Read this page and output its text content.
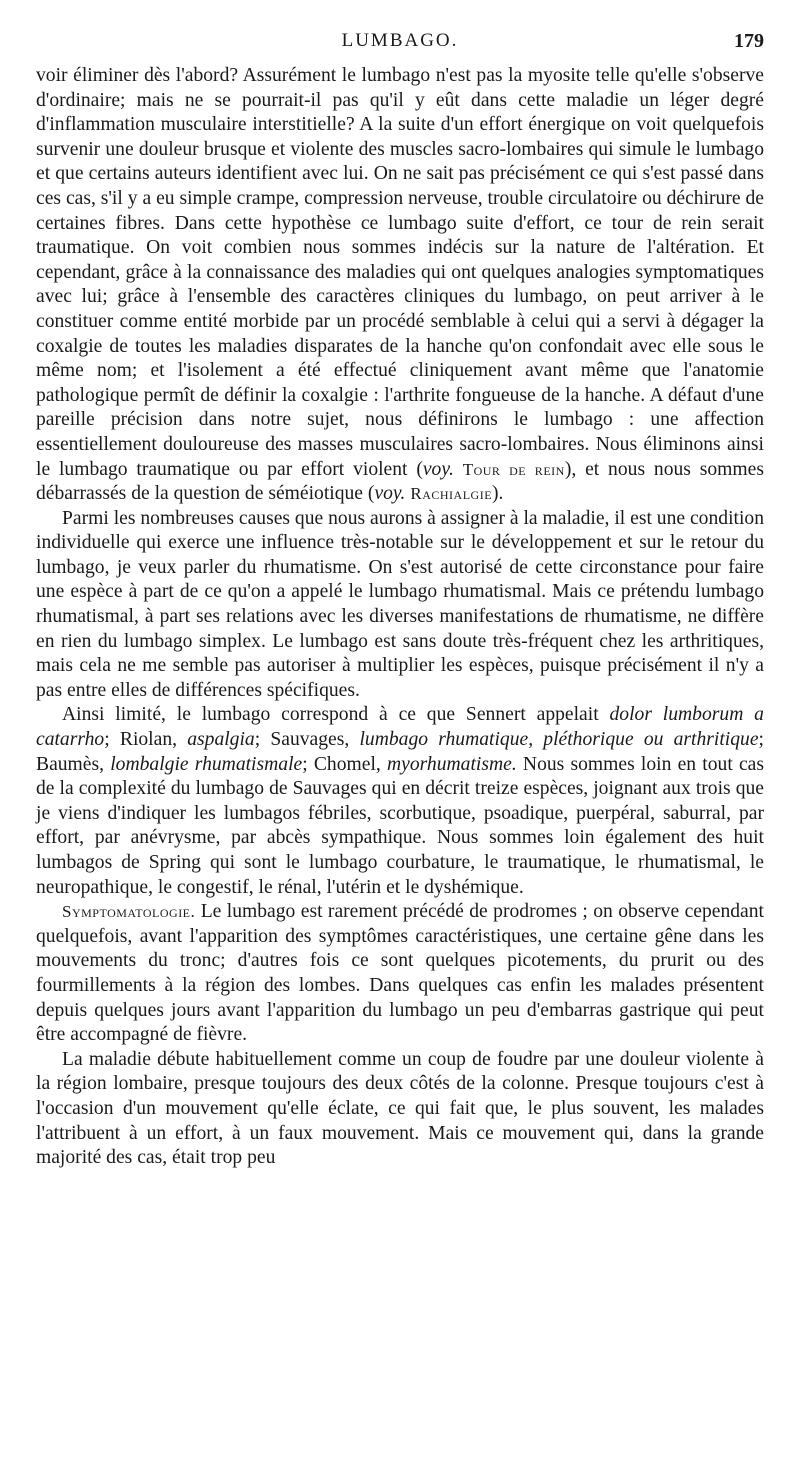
LUMBAGO.	179

voir éliminer dès l'abord? Assurément le lumbago n'est pas la myosite telle qu'elle s'observe d'ordinaire; mais ne se pourrait-il pas qu'il y eût dans cette maladie un léger degré d'inflammation musculaire interstitielle? A la suite d'un effort énergique on voit quelquefois survenir une douleur brusque et violente des muscles sacro-lombaires qui simule le lumbago et que certains auteurs identifient avec lui. On ne sait pas précisément ce qui s'est passé dans ces cas, s'il y a eu simple crampe, compression nerveuse, trouble circulatoire ou déchirure de certaines fibres. Dans cette hypothèse ce lumbago suite d'effort, ce tour de rein serait traumatique. On voit combien nous sommes indécis sur la nature de l'altération. Et cependant, grâce à la connaissance des maladies qui ont quelques analogies symptomatiques avec lui; grâce à l'ensemble des caractères cliniques du lumbago, on peut arriver à le constituer comme entité morbide par un procédé semblable à celui qui a servi à dégager la coxalgie de toutes les maladies disparates de la hanche qu'on confondait avec elle sous le même nom; et l'isolement a été effectué cliniquement avant même que l'anatomie pathologique permît de définir la coxalgie : l'arthrite fongueuse de la hanche. A défaut d'une pareille précision dans notre sujet, nous définirons le lumbago : une affection essentiellement douloureuse des masses musculaires sacro-lombaires. Nous éliminons ainsi le lumbago traumatique ou par effort violent (voy. Tour de rein), et nous nous sommes débarrassés de la question de séméiotique (voy. Rachialgie).

Parmi les nombreuses causes que nous aurons à assigner à la maladie, il est une condition individuelle qui exerce une influence très-notable sur le développement et sur le retour du lumbago, je veux parler du rhumatisme. On s'est autorisé de cette circonstance pour faire une espèce à part de ce qu'on a appelé le lumbago rhumatismal. Mais ce prétendu lumbago rhumatismal, à part ses relations avec les diverses manifestations de rhumatisme, ne diffère en rien du lumbago simplex. Le lumbago est sans doute très-fréquent chez les arthritiques, mais cela ne me semble pas autoriser à multiplier les espèces, puisque précisément il n'y a pas entre elles de différences spécifiques.

Ainsi limité, le lumbago correspond à ce que Sennert appelait dolor lumborum a catarrho; Riolan, aspalgia; Sauvages, lumbago rhumatique, pléthorique ou arthritique; Baumès, lombalgie rhumatismale; Chomel, myorhumatisme. Nous sommes loin en tout cas de la complexité du lumbago de Sauvages qui en décrit treize espèces, joignant aux trois que je viens d'indiquer les lumbagos fébriles, scorbutique, psoadique, puerpéral, saburral, par effort, par anévrysme, par abcès sympathique. Nous sommes loin également des huit lumbagos de Spring qui sont le lumbago courbature, le traumatique, le rhumatismal, le neuropathique, le congestif, le rénal, l'utérin et le dyshémique.

Symptomatologie. Le lumbago est rarement précédé de prodromes ; on observe cependant quelquefois, avant l'apparition des symptômes caractéristiques, une certaine gêne dans les mouvements du tronc; d'autres fois ce sont quelques picotements, du prurit ou des fourmillements à la région des lombes. Dans quelques cas enfin les malades présentent depuis quelques jours avant l'apparition du lumbago un peu d'embarras gastrique qui peut être accompagné de fièvre.

La maladie débute habituellement comme un coup de foudre par une douleur violente à la région lombaire, presque toujours des deux côtés de la colonne. Presque toujours c'est à l'occasion d'un mouvement qu'elle éclate, ce qui fait que, le plus souvent, les malades l'attribuent à un effort, à un faux mouvement. Mais ce mouvement qui, dans la grande majorité des cas, était trop peu
